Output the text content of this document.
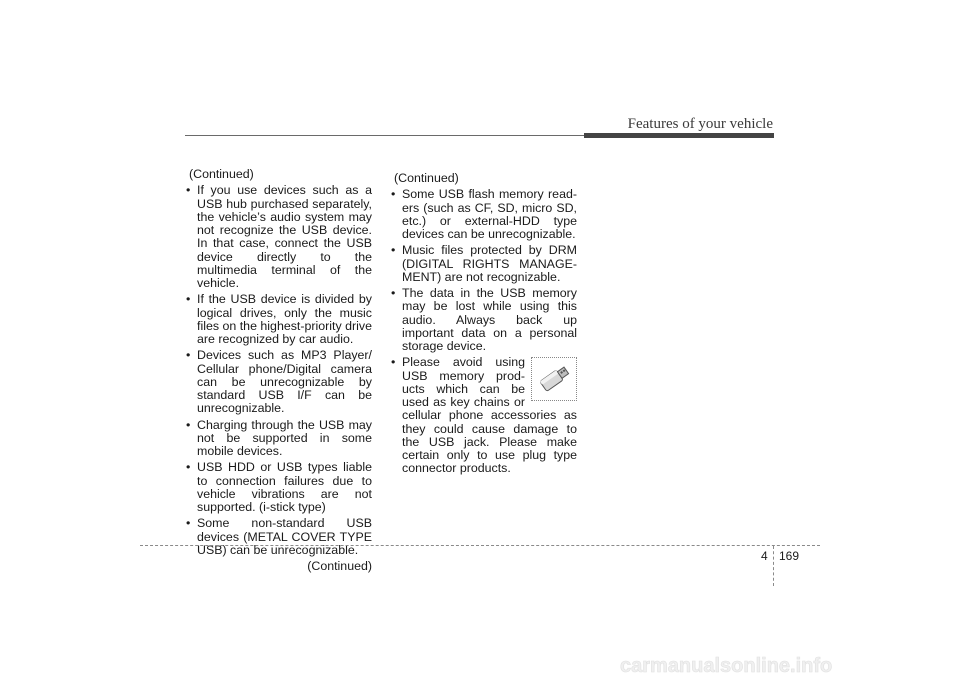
Features of your vehicle
(Continued)
• If you use devices such as a USB hub purchased separately, the vehicle’s audio system may not recognize the USB device. In that case, connect the USB device directly to the multimedia terminal of the vehicle.
• If the USB device is divided by logical drives, only the music files on the highest-priority drive are recognized by car audio.
• Devices such as MP3 Player/ Cellular phone/Digital camera can be unrecognizable by standard USB I/F can be unrecognizable.
• Charging through the USB may not be supported in some mobile devices.
• USB HDD or USB types liable to connection failures due to vehicle vibrations are not supported. (i-stick type)
• Some non-standard USB devices (METAL COVER TYPE USB) can be unrecognizable.
(Continued)
(Continued)
• Some USB flash memory readers (such as CF, SD, micro SD, etc.) or external-HDD type devices can be unrecognizable.
• Music files protected by DRM (DIGITAL RIGHTS MANAGEMENT) are not recognizable.
• The data in the USB memory may be lost while using this audio. Always back up important data on a personal storage device.
• Please avoid using USB memory products which can be used as key chains or cellular phone accessories as they could cause damage to the USB jack. Please make certain only to use plug type connector products.
4 169
carmanualsonline.info
